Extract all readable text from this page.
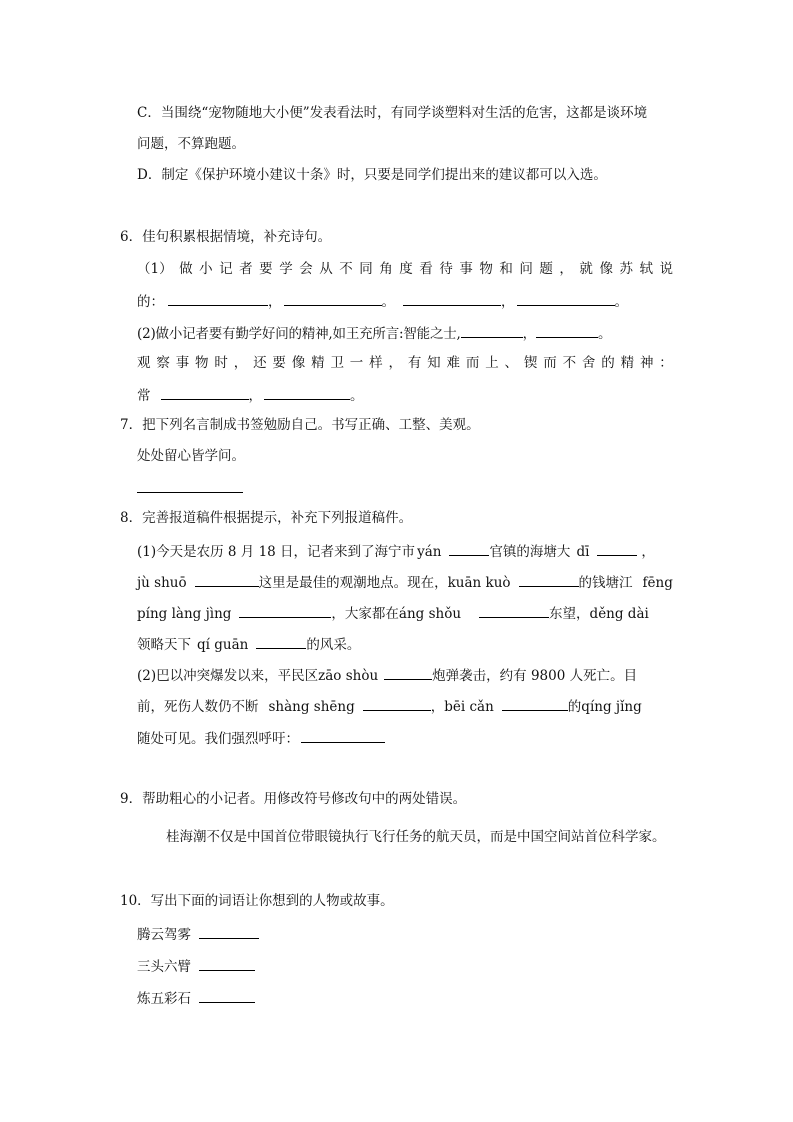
C．当围绕“宠物随地大小便”发表看法时，有同学谈塑料对生活的危害，这都是谈环境
问题，不算跑题。
D．制定《保护环境小建议十条》时，只要是同学们提出来的建议都可以入选。
6．佳句积累根据情境，补充诗句。
（1） 做 小 记 者 要 学 会 从 不 同 角 度 看 待 事 物 和 问 题 ， 就 像 苏 轼 说
的：	，	。	，	。
(2)做小记者要有勤学好问的精神,如王充所言:智能之士,	，	。
观 察 事 物 时 ， 还 要 像 精 卫 一 样 ， 有 知 难 而 上 、 锲 而 不 舍 的 精 神 ：
常	，	。
7．把下列名言制成书签勉励自己。书写正确、工整、美观。
处处留心皆学问。
8．完善报道稿件根据提示，补充下列报道稿件。
(1)今天是农历 8 月 18 日，记者来到了海宁市 yán	官镇的海塘大 dī	，
jù shuō	这里是最佳的观潮地点。现在，kuān kuò	的钱塘江 fēng
píng làng jìng	，大家都在áng shǒu	东望，děng dài
领略天下 qí guān	的风采。
(2)巴以冲突爆发以来，平民区zāo shòu	炮弹袭击，约有 9800 人死亡。目
前，死伤人数仍不断 shàng shēng	，bēi cǎn	的qíng jǐng
随处可见。我们强烈呼吁：
9．帮助粗心的小记者。用修改符号修改句中的两处错误。
桂海潮不仅是中国首位带眼镜执行飞行任务的航天员，而是中国空间站首位科学家。
10．写出下面的词语让你想到的人物或故事。
腾云驾雾
三头六臂
炼五彩石
